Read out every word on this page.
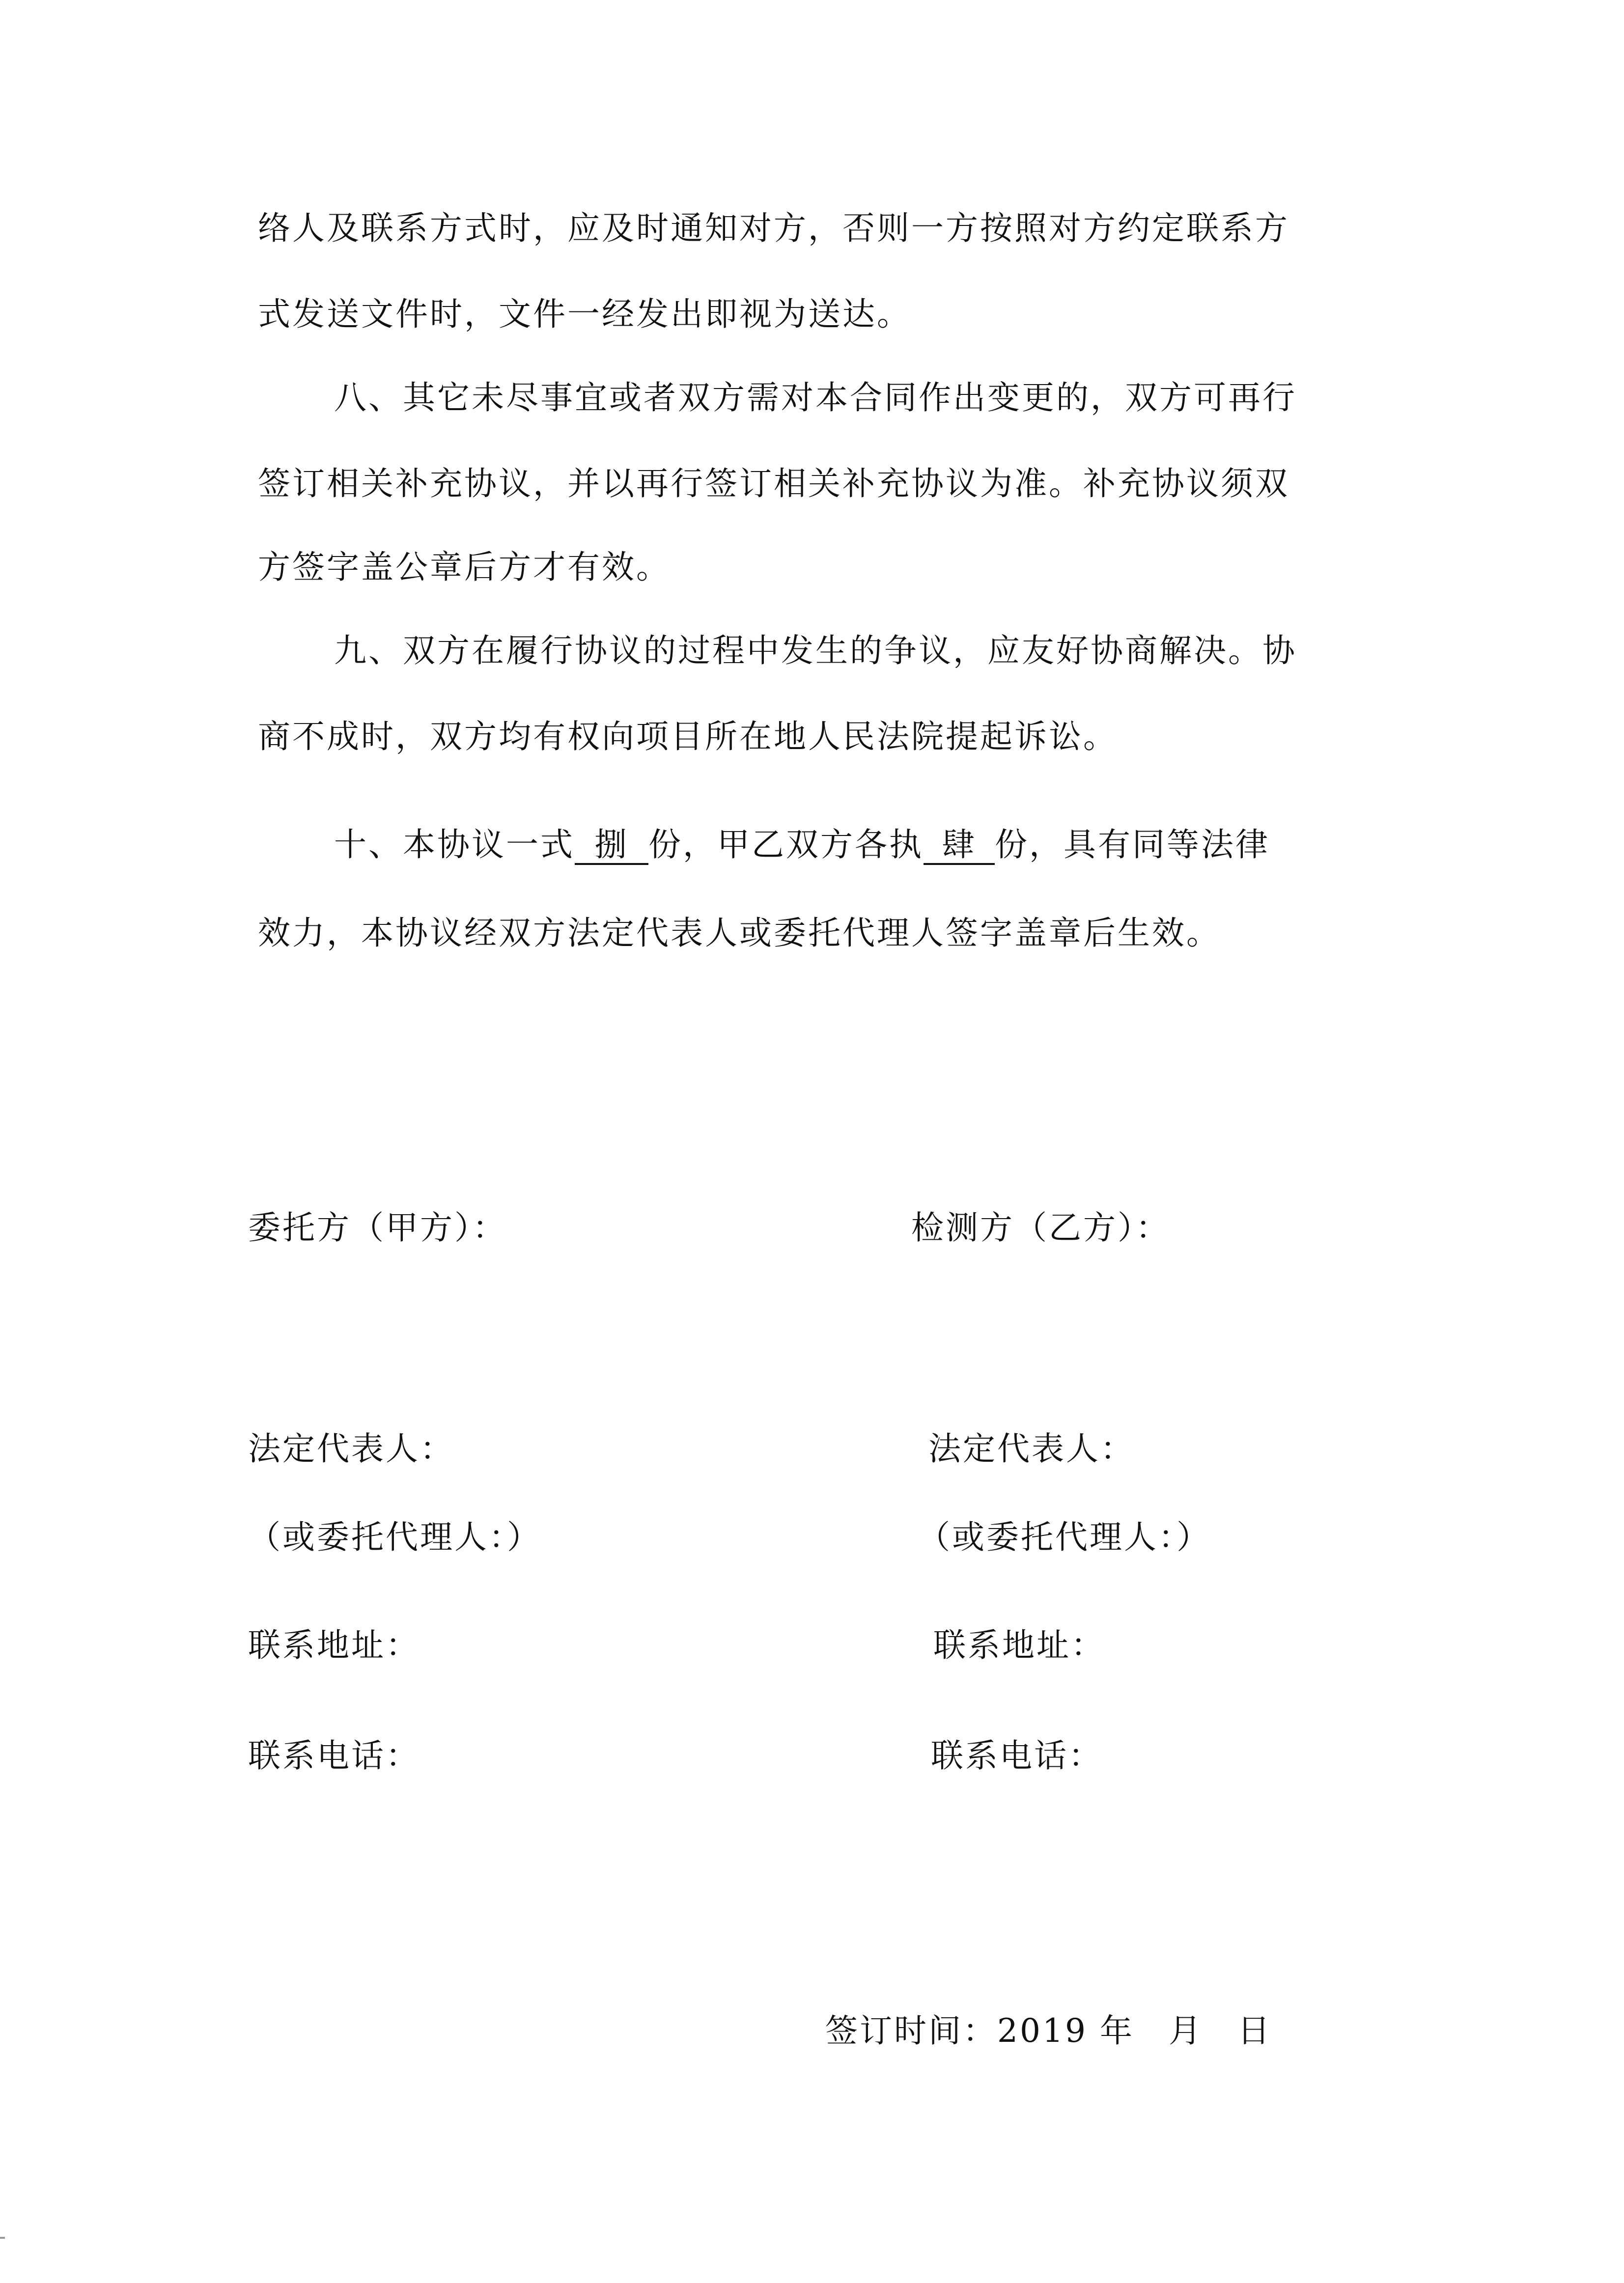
络人及联系方式时，应及时通知对方，否则一方按照对方约定联系方
式发送文件时，文件一经发出即视为送达。
八、其它未尽事宜或者双方需对本合同作出变更的，双方可再行
签订相关补充协议，并以再行签订相关补充协议为准。补充协议须双
方签字盖公章后方才有效。
九、双方在履行协议的过程中发生的争议，应友好协商解决。协
商不成时，双方均有权向项目所在地人民法院提起诉讼。
十、本协议一式 捌 份，甲乙双方各执 肆 份，具有同等法律
效力，本协议经双方法定代表人或委托代理人签字盖章后生效。
委托方（甲方）：	检测方（乙方）：
法定代表人：	法定代表人：
（或委托代理人：）	（或委托代理人：）
联系地址：	联系地址：
联系电话：	联系电话：
签订时间：2019 年 月 日
